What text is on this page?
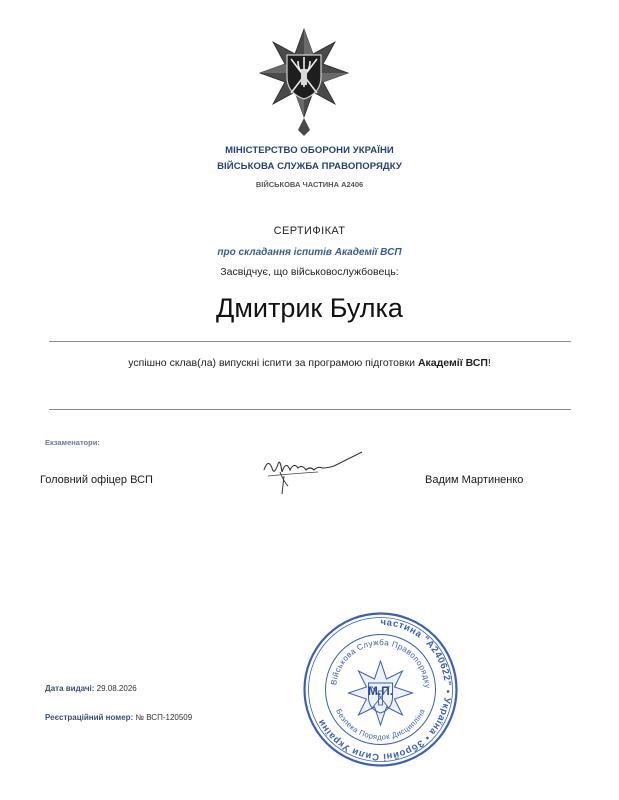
МІНІСТЕРСТВО ОБОРОНИ УКРАЇНИ
ВІЙСЬКОВА СЛУЖБА ПРАВОПОРЯДКУ
ВІЙСЬКОВА ЧАСТИНА А2406
СЕРТИФІКАТ
про складання іспитів Академії ВСП
Засвідчує, що військовослужбовець:
Дмитрик Булка
успішно склав(ла) випускні іспити за програмою підготовки Академії ВСП!
Екзаменатори:
Головний офіцер ВСП	Вадим Мартиненко
Дата видачі: 29.08.2026
Реєстраційний номер: № ВСП-120509
частина "А240622" • Україна • Збройні Сили України
Військова Служба Правопорядку
Безпека Порядок Дисципліна
М.П.
